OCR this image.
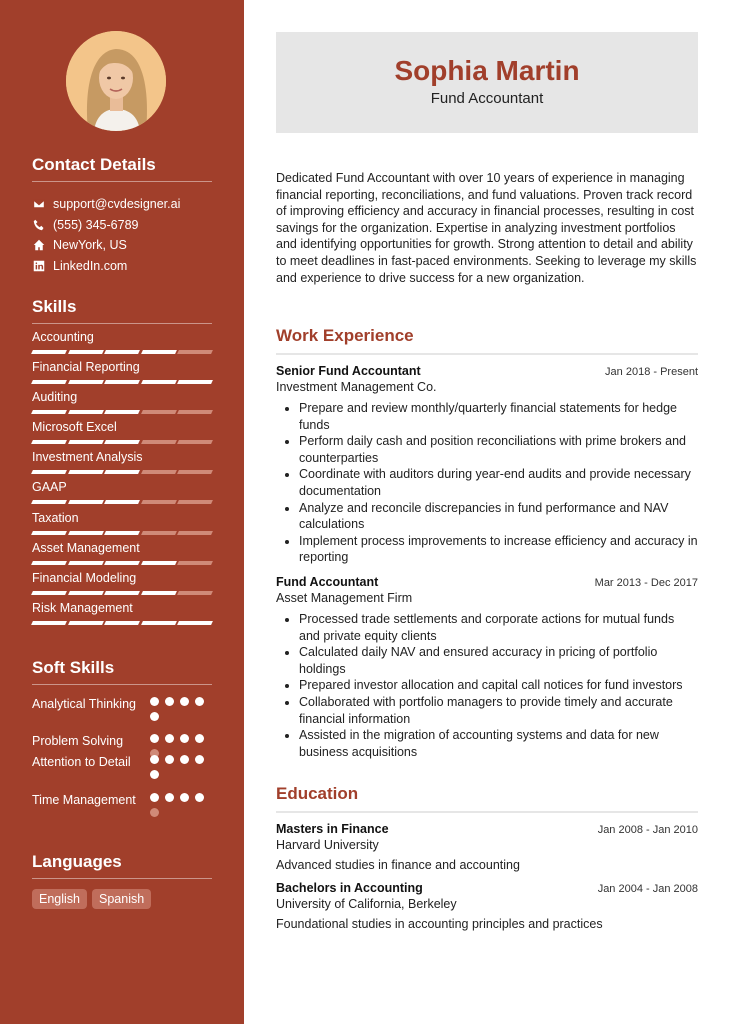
Contact Details
support@cvdesigner.ai
(555) 345-6789
NewYork, US
LinkedIn.com
Skills
Accounting
Financial Reporting
Auditing
Microsoft Excel
Investment Analysis
GAAP
Taxation
Asset Management
Financial Modeling
Risk Management
Soft Skills
Analytical Thinking
Problem Solving
Attention to Detail
Time Management
Languages
English	Spanish
Sophia Martin
Fund Accountant

Dedicated Fund Accountant with over 10 years of experience in managing financial reporting, reconciliations, and fund valuations. Proven track record of improving efficiency and accuracy in financial processes, resulting in cost savings for the organization. Expertise in analyzing investment portfolios and identifying opportunities for growth. Strong attention to detail and ability to meet deadlines in fast-paced environments. Seeking to leverage my skills and experience to drive success for a new organization.

Work Experience
Senior Fund Accountant	Jan 2018 - Present
Investment Management Co.
• Prepare and review monthly/quarterly financial statements for hedge funds
• Perform daily cash and position reconciliations with prime brokers and counterparties
• Coordinate with auditors during year-end audits and provide necessary documentation
• Analyze and reconcile discrepancies in fund performance and NAV calculations
• Implement process improvements to increase efficiency and accuracy in reporting
Fund Accountant	Mar 2013 - Dec 2017
Asset Management Firm
• Processed trade settlements and corporate actions for mutual funds and private equity clients
• Calculated daily NAV and ensured accuracy in pricing of portfolio holdings
• Prepared investor allocation and capital call notices for fund investors
• Collaborated with portfolio managers to provide timely and accurate financial information
• Assisted in the migration of accounting systems and data for new business acquisitions
Education
Masters in Finance	Jan 2008 - Jan 2010
Harvard University
Advanced studies in finance and accounting
Bachelors in Accounting	Jan 2004 - Jan 2008
University of California, Berkeley
Foundational studies in accounting principles and practices
